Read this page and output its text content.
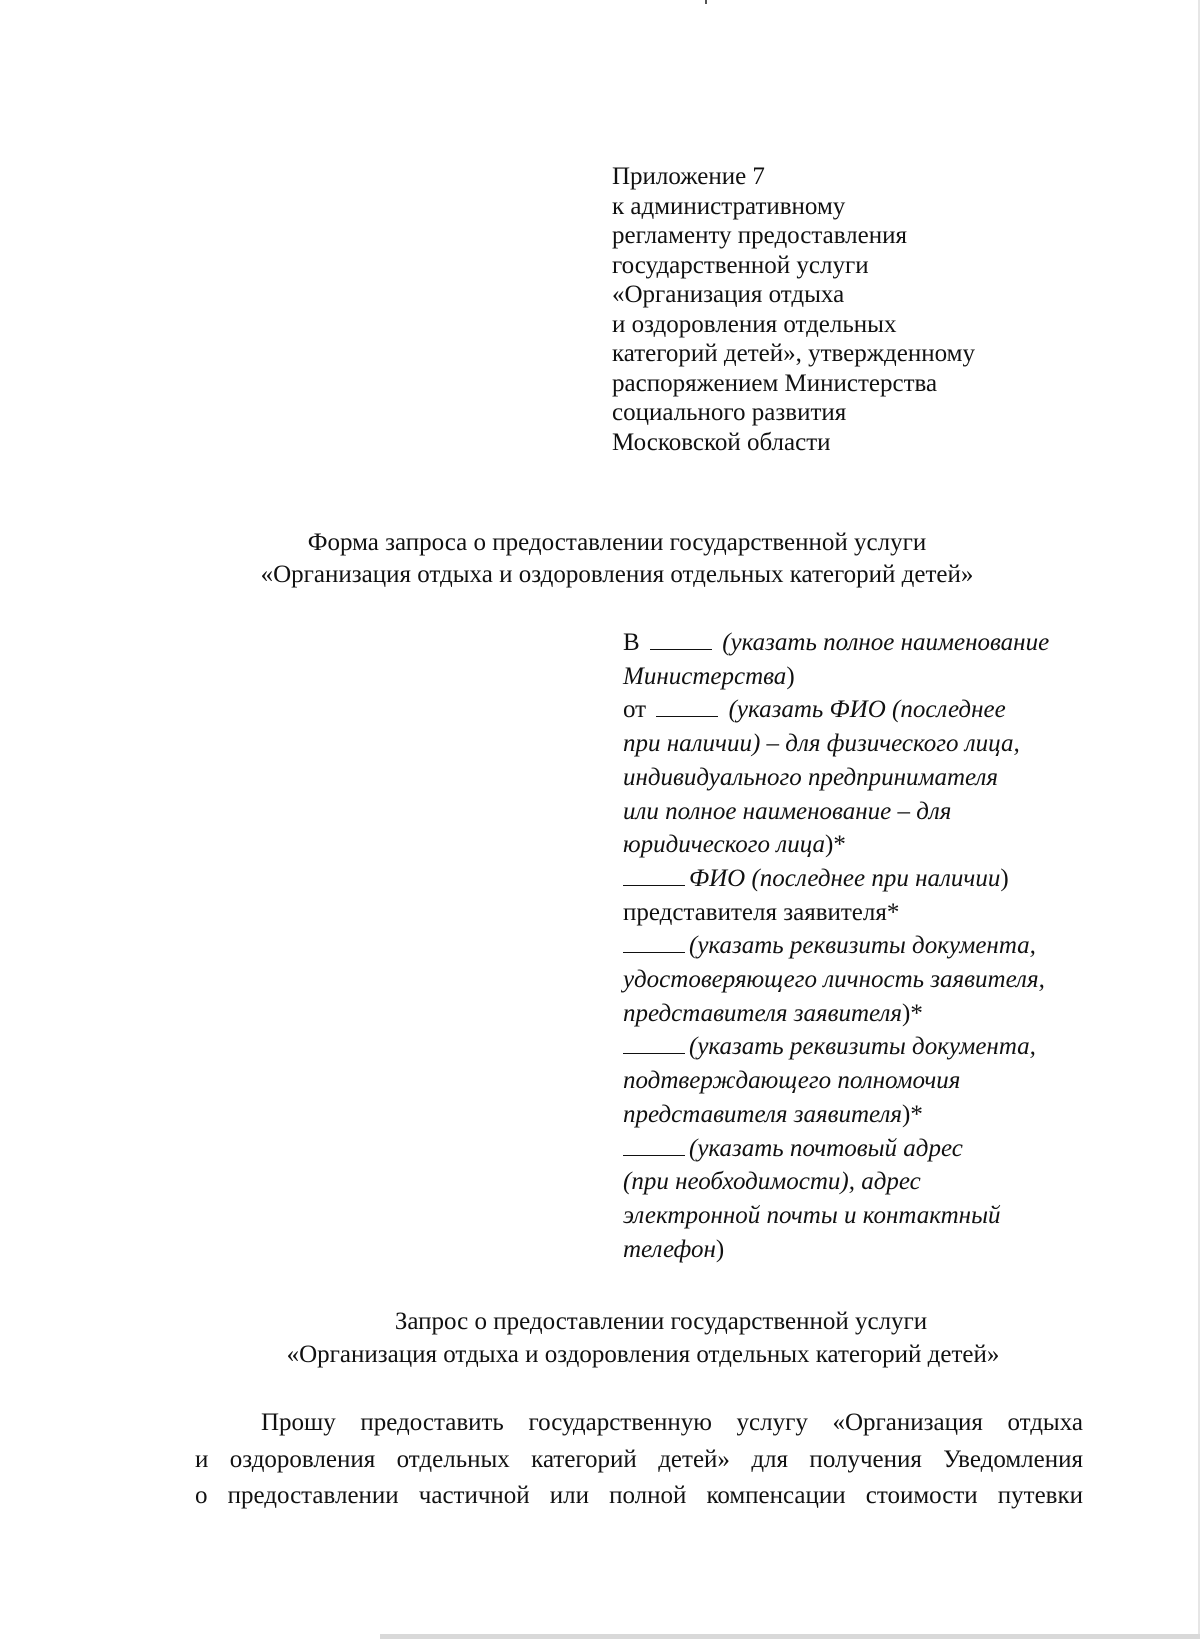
Приложение 7
к административному
регламенту предоставления
государственной услуги
«Организация отдыха
и оздоровления отдельных
категорий детей», утвержденному
распоряжением Министерства
социального развития
Московской области
Форма запроса о предоставлении государственной услуги
«Организация отдыха и оздоровления отдельных категорий детей»
В	(указать полное наименование
Министерства)
от	(указать ФИО (последнее
при наличии) – для физического лица,
индивидуального предпринимателя
или полное наименование – для
юридического лица)*
ФИО (последнее при наличии)
представителя заявителя*
(указать реквизиты документа,
удостоверяющего личность заявителя,
представителя заявителя)*
(указать реквизиты документа,
подтверждающего полномочия
представителя заявителя)*
(указать почтовый адрес
(при необходимости), адрес
электронной почты и контактный
телефон)
Запрос о предоставлении государственной услуги
«Организация отдыха и оздоровления отдельных категорий детей»
Прошу предоставить государственную услугу «Организация отдыха
и оздоровления отдельных категорий детей» для получения Уведомления
о предоставлении частичной или полной компенсации стоимости путевки
